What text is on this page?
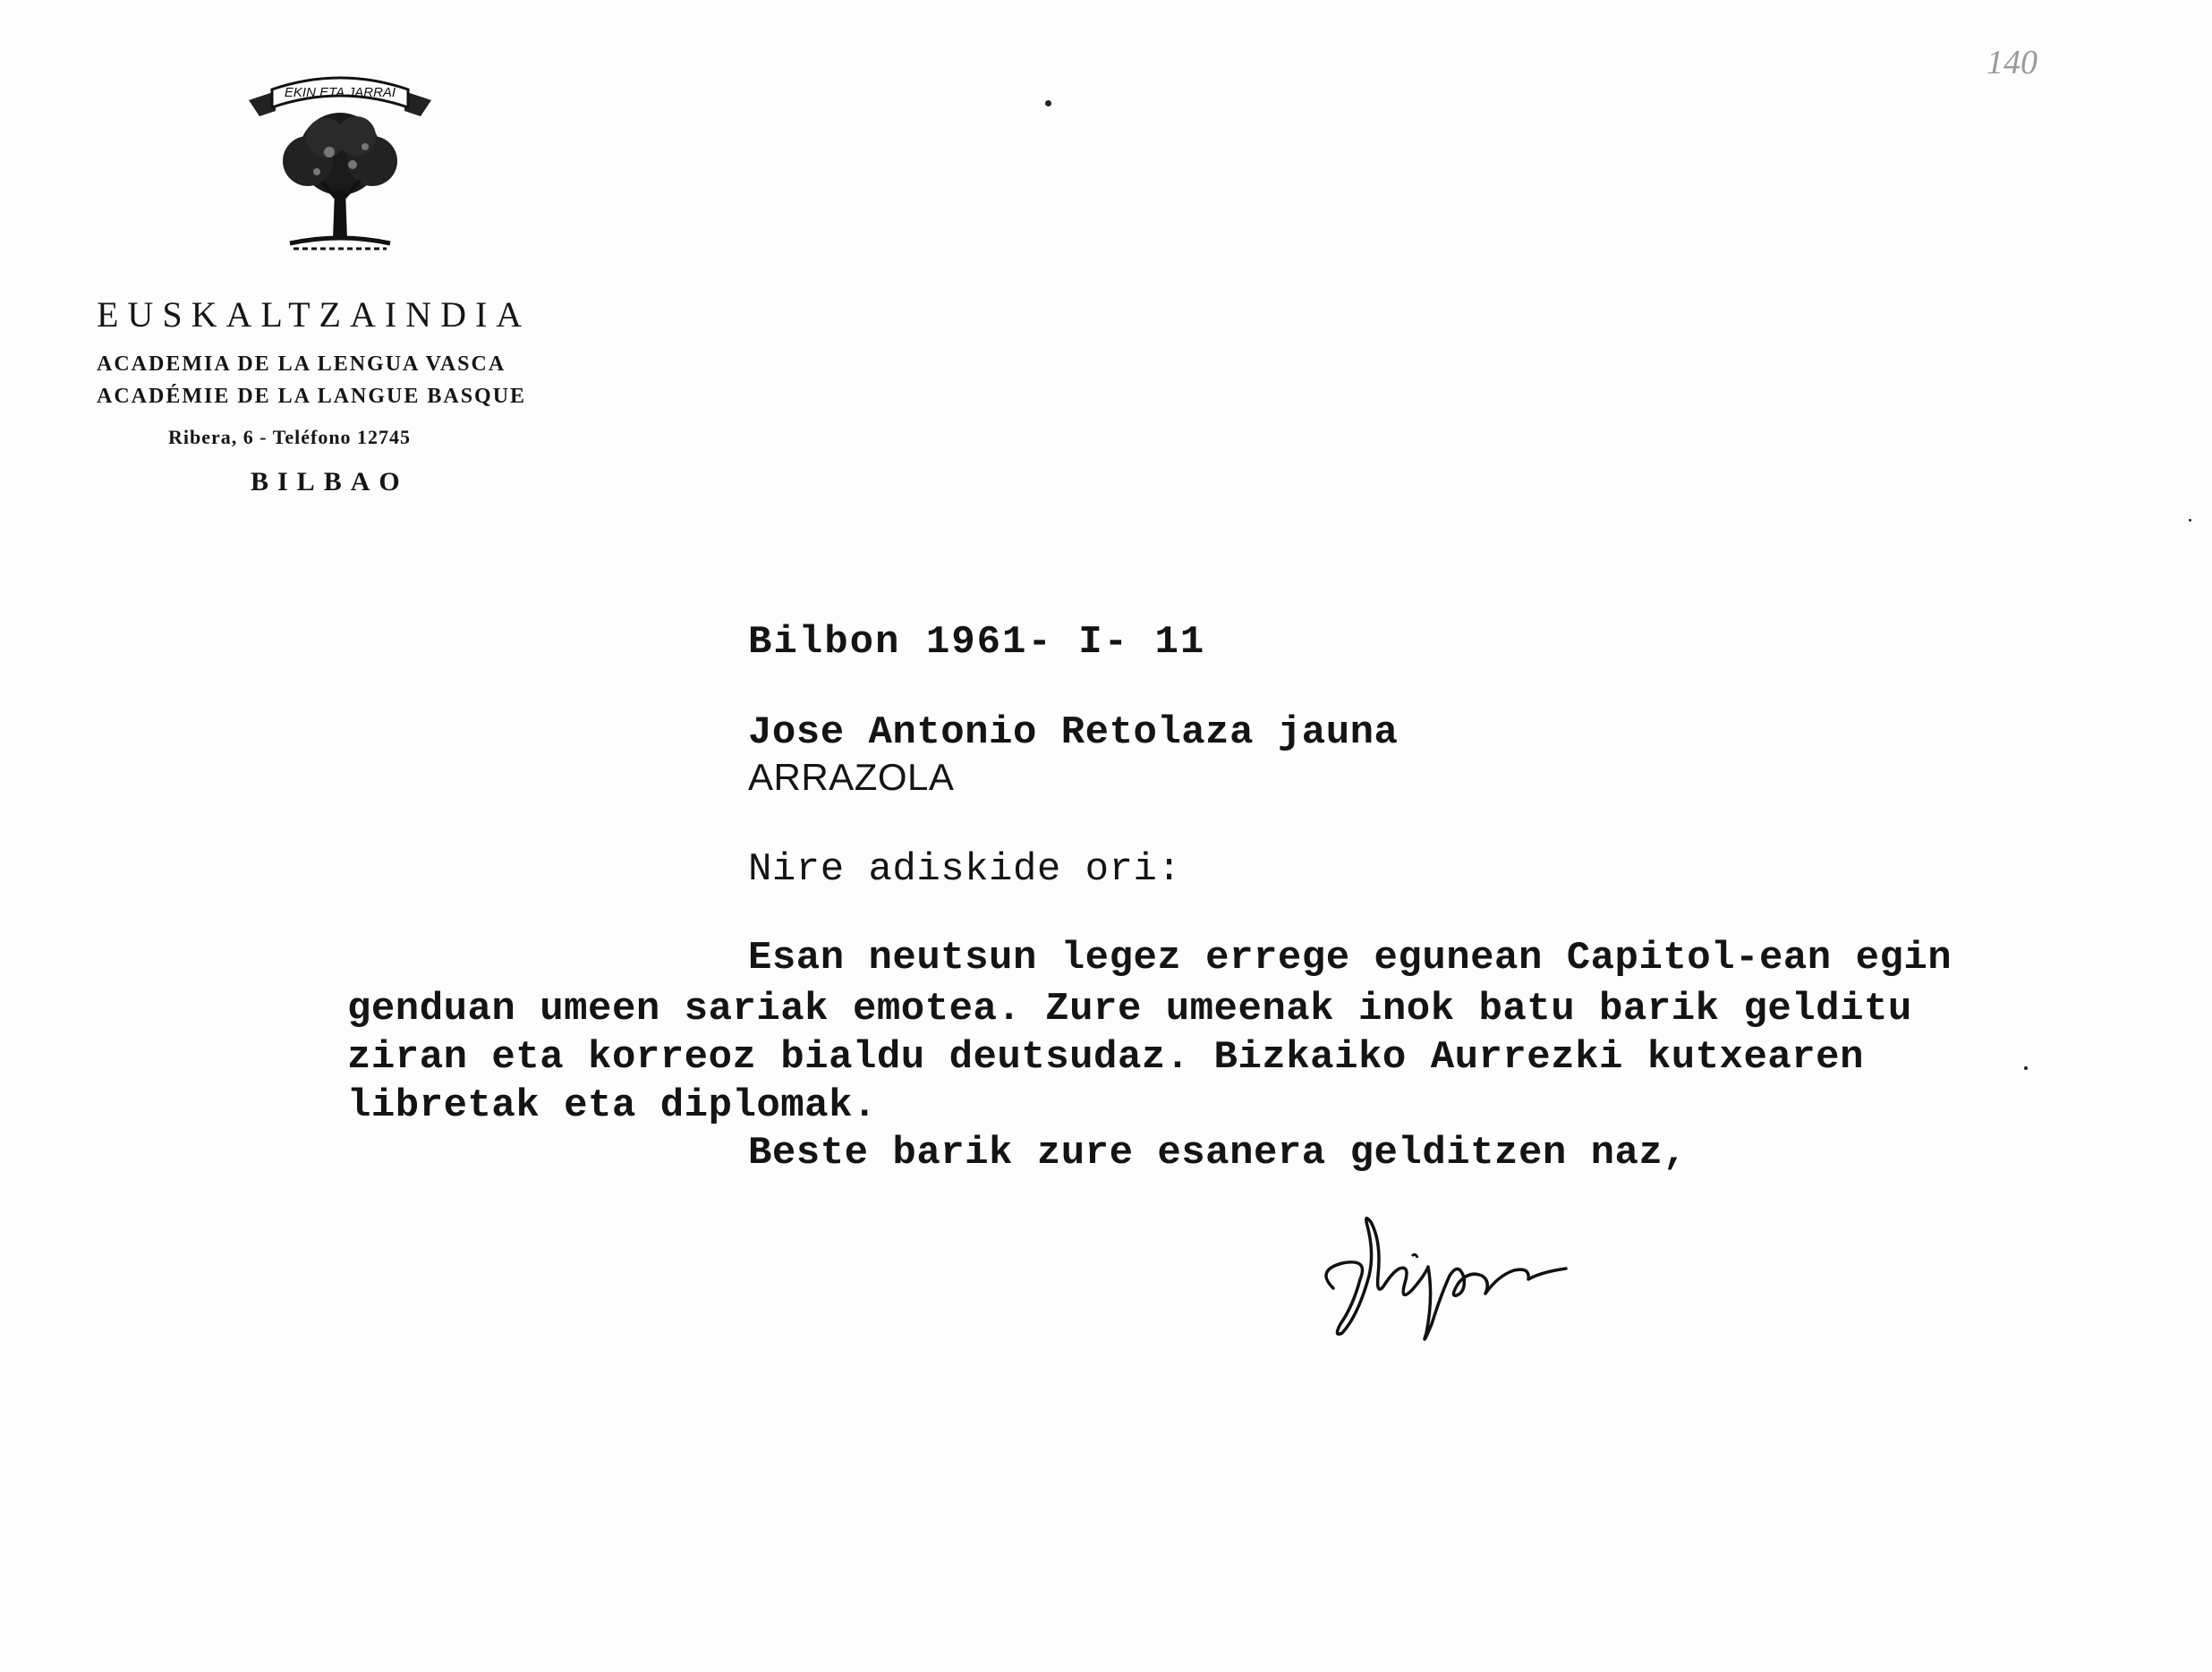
EKIN ETA JARRAI
EUSKALTZAINDIA
ACADEMIA DE LA LENGUA VASCA
ACADÉMIE DE LA LANGUE BASQUE
Ribera, 6 - Teléfono 12745
BILBAO
140
Bilbon 1961- I- 11
Jose Antonio Retolaza jauna
ARRAZOLA
Nire adiskide ori:
Esan neutsun legez errege egunean Capitol-ean egin
genduan umeen sariak emotea. Zure umeenak inok batu barik gelditu
ziran eta korreoz bialdu deutsudaz. Bizkaiko Aurrezki kutxearen
libretak eta diplomak.
Beste barik zure esanera gelditzen naz,
